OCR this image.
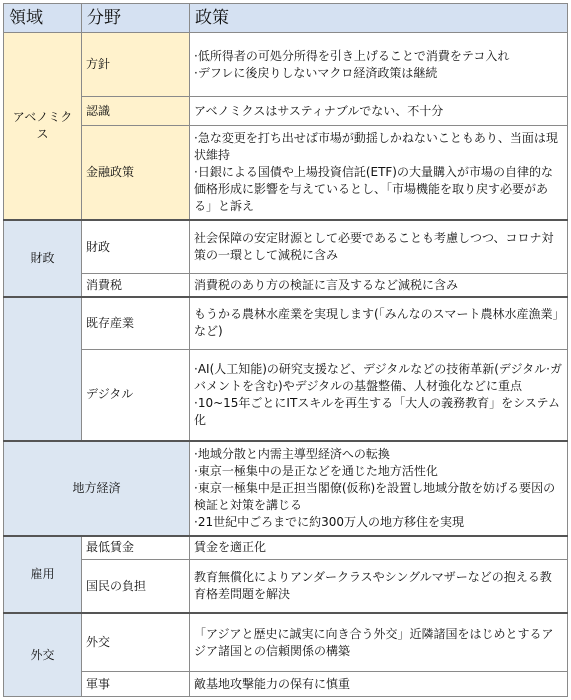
領域	分野	政策
アベノミクス	方針	·低所得者の可処分所得を引き上げることで消費をテコ入れ
·デフレに後戻りしないマクロ経済政策は継続

	認識	アベノミクスはサスティナブルでない、不十分

	金融政策	·急な変更を打ち出せば市場が動揺しかねないこともあり、当面は現状維持
·日銀による国債や上場投資信託(ETF)の大量購入が市場の自律的な価格形成に影響を与えているとし、「市場機能を取り戻す必要がある」と訴え

財政	財政	社会保障の安定財源として必要であることも考慮しつつ、コロナ対策の一環として減税に含み

	消費税	消費税のあり方の検証に言及するなど減税に含み

	既存産業	もうかる農林水産業を実現します(「みんなのスマート農林水産漁業」など)

	デジタル	·AI(人工知能)の研究支援など、デジタルなどの技術革新(デジタル·ガバメントを含む)やデジタルの基盤整備、人材強化などに重点
·10~15年ごとにITスキルを再生する「大人の義務教育」をシステム化

地方経済		·地域分散と内需主導型経済への転換
·東京一極集中の是正などを通じた地方活性化
·東京一極集中是正担当閣僚(仮称)を設置し地域分散を妨げる要因の検証と対策を講じる
·21世紀中ごろまでに約300万人の地方移住を実現

雇用	最低賃金	賃金を適正化

	国民の負担	教育無償化によりアンダークラスやシングルマザーなどの抱える教育格差問題を解決

外交	外交	「アジアと歴史に誠実に向き合う外交」近隣諸国をはじめとするアジア諸国との信頼関係の構築

	軍事	敵基地攻撃能力の保有に慎重
